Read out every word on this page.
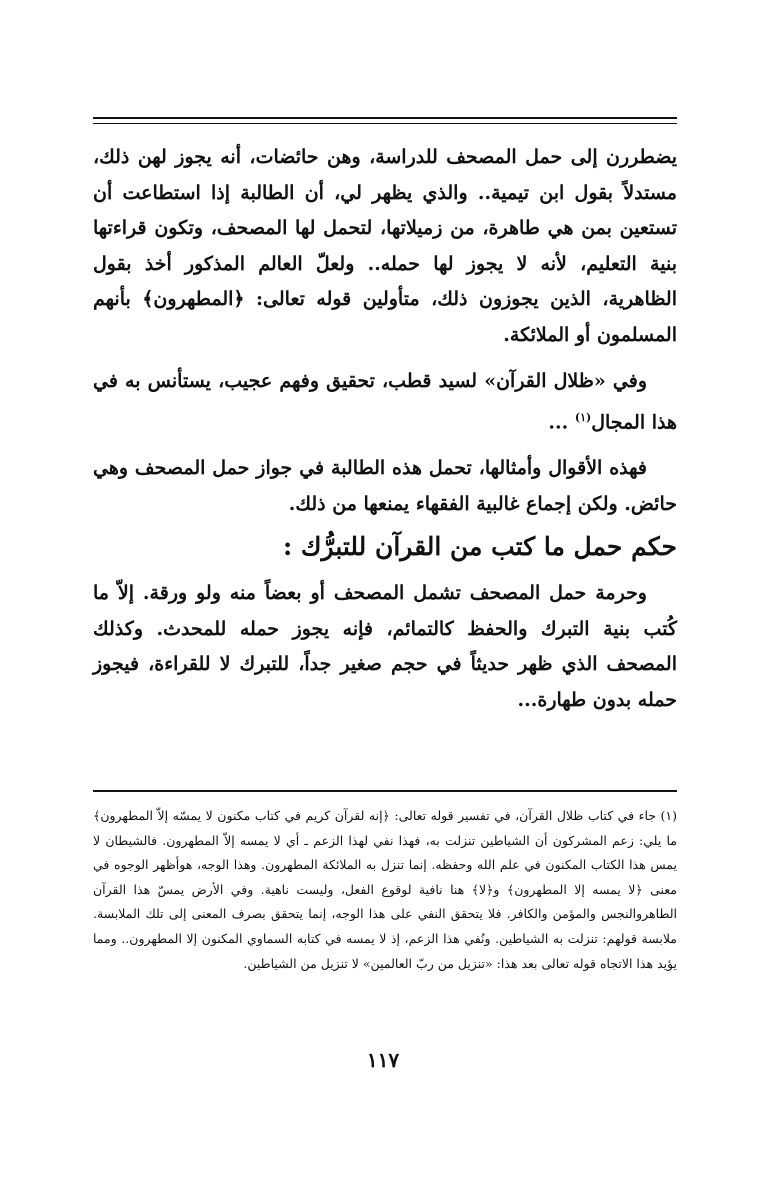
يضطررن إلى حمل المصحف للدراسة، وهن حائضات، أنه يجوز لهن ذلك، مستدلاً بقول ابن تيمية.. والذي يظهر لي، أن الطالبة إذا استطاعت أن تستعين بمن هي طاهرة، من زميلاتها، لتحمل لها المصحف، وتكون قراءتها بنية التعليم، لأنه لا يجوز لها حمله.. ولعلّ العالم المذكور أخذ بقول الظاهرية، الذين يجوزون ذلك، متأولين قوله تعالى: ﴿المطهرون﴾ بأنهم المسلمون أو الملائكة.

وفي «ظلال القرآن» لسيد قطب، تحقيق وفهم عجيب، يستأنس به في هذا المجال$^{(١)}$ ...

فهذه الأقوال وأمثالها، تحمل هذه الطالبة في جواز حمل المصحف وهي حائض. ولكن إجماع غالبية الفقهاء يمنعها من ذلك.

حكم حمل ما كتب من القرآن للتبرُّك :

وحرمة حمل المصحف تشمل المصحف أو بعضاً منه ولو ورقة. إلاّ ما كُتب بنية التبرك والحفظ كالتمائم، فإنه يجوز حمله للمحدث. وكذلك المصحف الذي ظهر حديثاً في حجم صغير جداً، للتبرك لا للقراءة، فيجوز حمله بدون طهارة...

(١) جاء في كتاب ظلال القرآن، في تفسير قوله تعالى: ﴿إنه لقرآن كريم في كتاب مكنون لا يمسّه إلاّ المطهرون﴾ ما يلي: زعم المشركون أن الشياطين تنزلت به، فهذا نفي لهذا الزعم ـ أي لا يمسه إلاّ المطهرون. فالشيطان لا يمس هذا الكتاب المكنون في علم الله وحفظه. إنما تنزل به الملائكة المطهرون. وهذا الوجه، هوأظهر الوجوه في معنى ﴿لا يمسه إلا المطهرون﴾ و﴿لا﴾ هنا نافية لوقوع الفعل، وليست ناهية. وفي الأرض يمسّ هذا القرآن الطاهروالنجس والمؤمن والكافر. فلا يتحقق النفي على هذا الوجه، إنما يتحقق بصرف المعنى إلى تلك الملابسة. ملابسة قولهم: تنزلت به الشياطين. ونُفي هذا الزعم، إذ لا يمسه في كتابه السماوي المكنون إلا المطهرون.. ومما يؤيد هذا الاتجاه قوله تعالى بعد هذا: «تنزيل من ربّ العالمين» لا تنزيل من الشياطين.
١١٧
